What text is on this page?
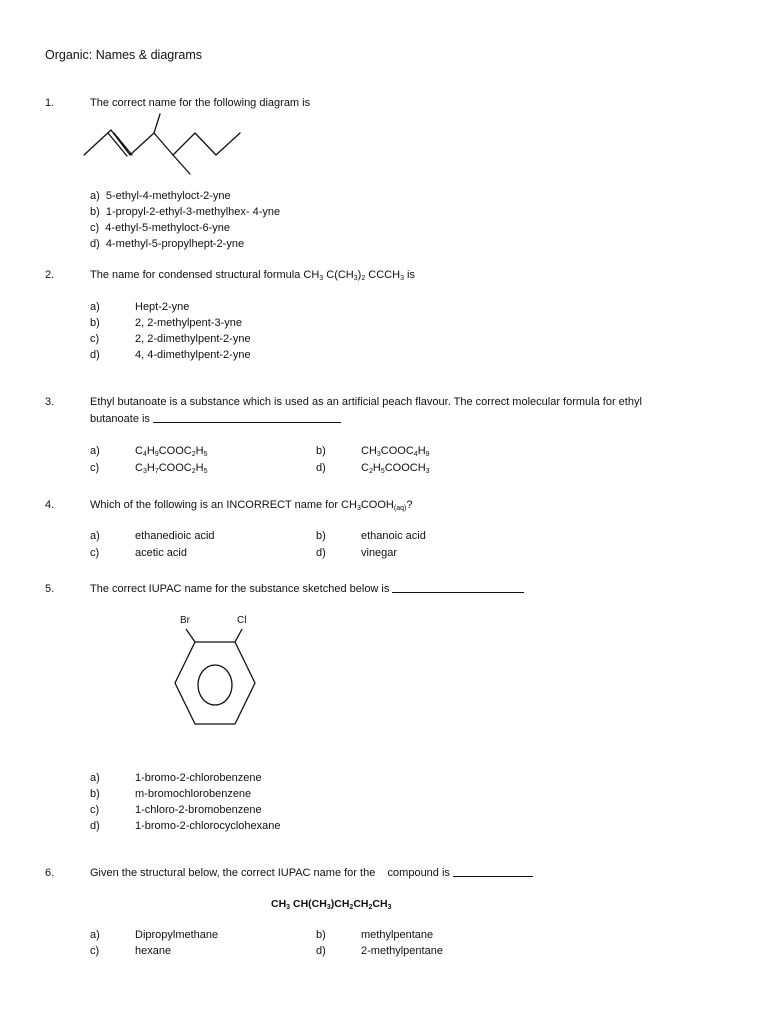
Organic: Names & diagrams
1.	The correct name for the following diagram is
a) 5-ethyl-4-methyloct-2-yne
b) 1-propyl-2-ethyl-3-methylhex- 4-yne
c) 4-ethyl-5-methyloct-6-yne
d) 4-methyl-5-propylhept-2-yne
2.	The name for condensed structural formula $CH_3$ $C(CH_3)_2$ $CCCH_3$ is
a)	Hept-2-yne
b)	2, 2-methylpent-3-yne
c)	2, 2-dimethylpent-2-yne
d)	4, 4-dimethylpent-2-yne
3.	Ethyl butanoate is a substance which is used as an artificial peach flavour. The correct molecular formula for ethyl
butanoate is
a)	$C_4H_9COOC_2H_5$	b)	$CH_3COOC_4H_9$
c)	$C_3H_7COOC_2H_5$	d)	$C_2H_5COOCH_3$
4.	Which of the following is an INCORRECT name for $CH_3COOH_{(aq)}$?
a)	ethanedioic acid	b)	ethanoic acid
c)	acetic acid	d)	vinegar
5.	The correct IUPAC name for the substance sketched below is
Br	Cl
a)	1-bromo-2-chlorobenzene
b)	m-bromochlorobenzene
c)	1-chloro-2-bromobenzene
d)	1-bromo-2-chlorocyclohexane
6.	Given the structural below, the correct IUPAC name for the compound is
$CH_3$ $CH(CH_3)CH_2CH_2CH_3$
a)	Dipropylmethane	b)	methylpentane
c)	hexane	d)	2-methylpentane
